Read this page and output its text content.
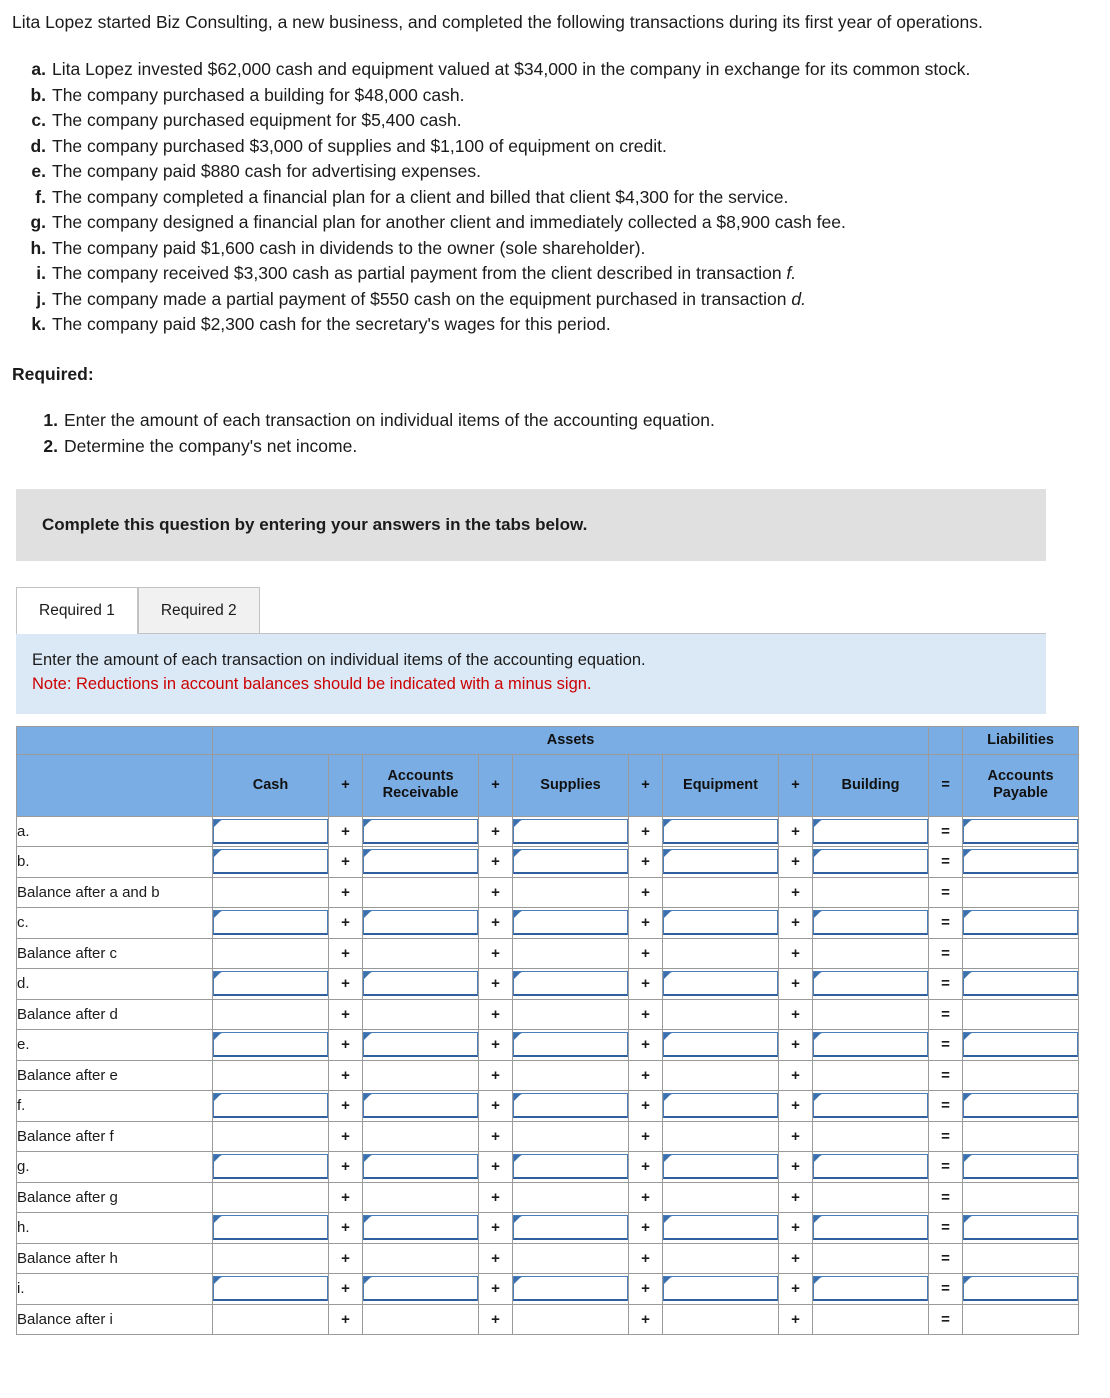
Lita Lopez started Biz Consulting, a new business, and completed the following transactions during its first year of operations.

a. Lita Lopez invested $62,000 cash and equipment valued at $34,000 in the company in exchange for its common stock.
b. The company purchased a building for $48,000 cash.
c. The company purchased equipment for $5,400 cash.
d. The company purchased $3,000 of supplies and $1,100 of equipment on credit.
e. The company paid $880 cash for advertising expenses.
f. The company completed a financial plan for a client and billed that client $4,300 for the service.
g. The company designed a financial plan for another client and immediately collected a $8,900 cash fee.
h. The company paid $1,600 cash in dividends to the owner (sole shareholder).
i. The company received $3,300 cash as partial payment from the client described in transaction f.
j. The company made a partial payment of $550 cash on the equipment purchased in transaction d.
k. The company paid $2,300 cash for the secretary's wages for this period.
Required:
1. Enter the amount of each transaction on individual items of the accounting equation.
2. Determine the company's net income.
Complete this question by entering your answers in the tabs below.
Required 1	Required 2
Enter the amount of each transaction on individual items of the accounting equation.
Note: Reductions in account balances should be indicated with a minus sign.
	Assets										Liabilities
	Cash	+	Accounts Receivable	+	Supplies	+	Equipment	+	Building	=	Accounts Payable
a.		+		+		+		+		=	

b.		+		+		+		+		=	

Balance after a and b		+		+		+		+		=	

c.		+		+		+		+		=	

Balance after c		+		+		+		+		=	

d.		+		+		+		+		=	

Balance after d		+		+		+		+		=	

e.		+		+		+		+		=	

Balance after e		+		+		+		+		=	

f.		+		+		+		+		=	

Balance after f		+		+		+		+		=	

g.		+		+		+		+		=	

Balance after g		+		+		+		+		=	

h.		+		+		+		+		=	

Balance after h		+		+		+		+		=	

i.		+		+		+		+		=	

Balance after i		+		+		+		+		=	
